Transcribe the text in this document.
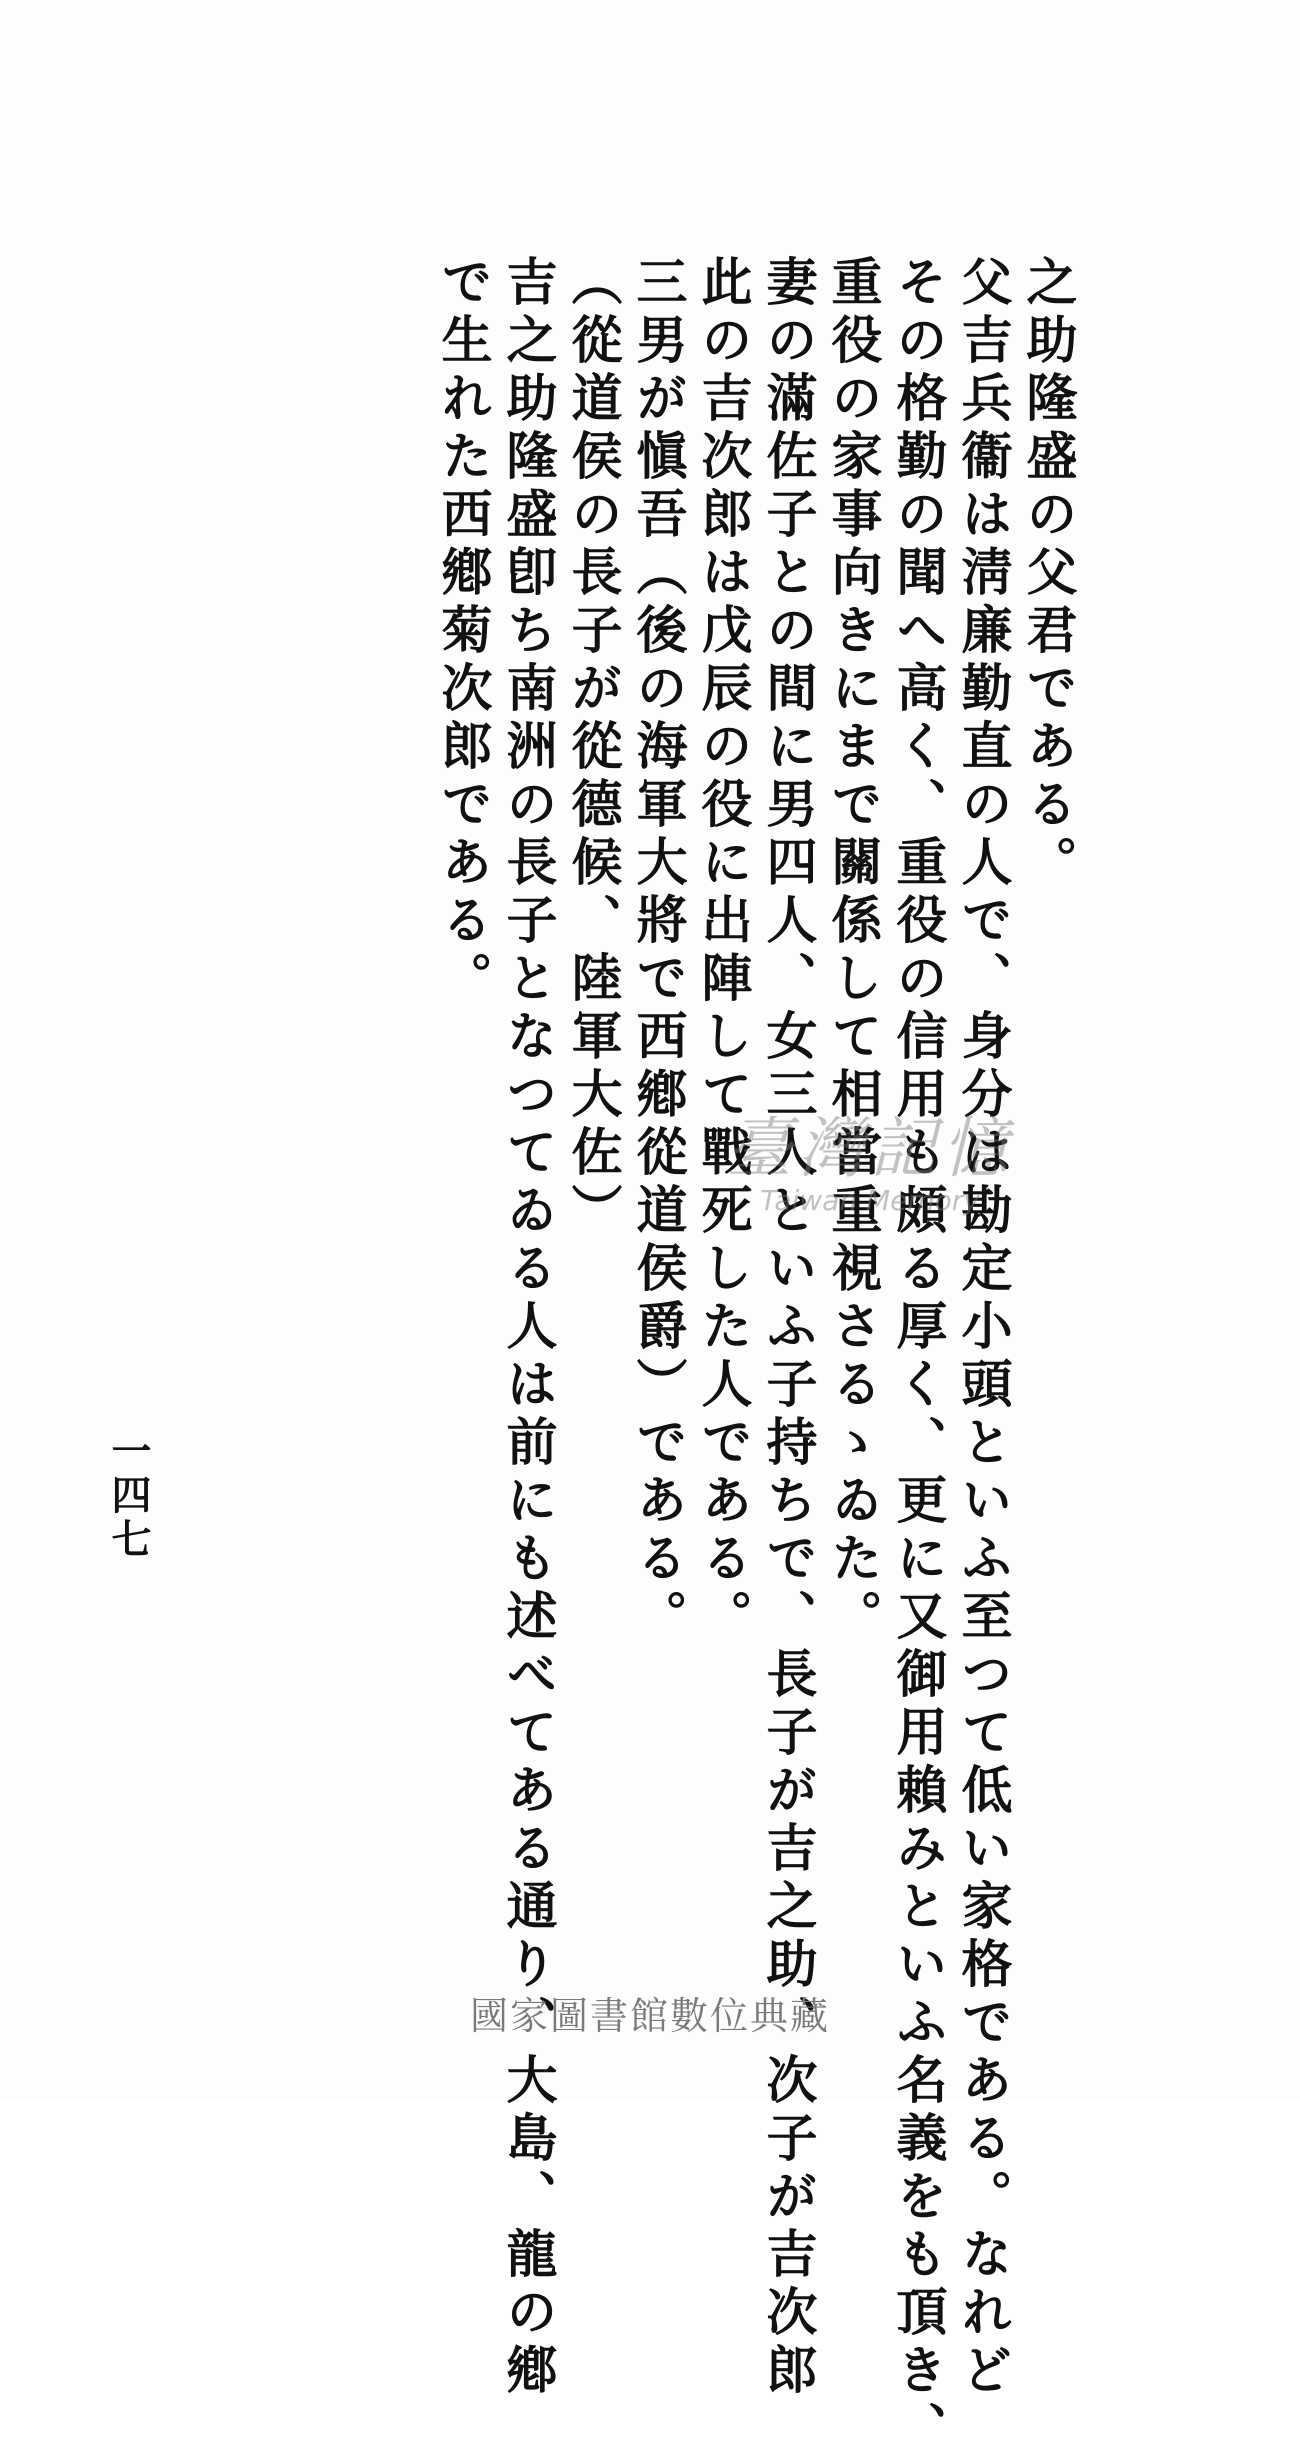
之助隆盛の父君である。
父吉兵衞は淸廉勤直の人で、身分は勘定小頭といふ至つて低い家格である。なれど
その格勤の聞へ高く、重役の信用も頗る厚く、更に又御用賴みといふ名義をも頂き、
重役の家事向きにまで關係して相當重視さるゝゐた。
妻の滿佐子との間に男四人、女三人といふ子持ちで、長子が吉之助、次子が吉次郎
此の吉次郎は戊辰の役に出陣して戰死した人である。
三男が愼吾（後の海軍大將で西鄕從道侯爵）である。
（從道侯の長子が從德候、陸軍大佐）
吉之助隆盛卽ち南洲の長子となつてゐる人は前にも述べてある通り、大島、龍の鄕
で生れた西鄕菊次郎である。
一四七
臺灣記憶
Taiwan Memory
國家圖書館數位典藏
